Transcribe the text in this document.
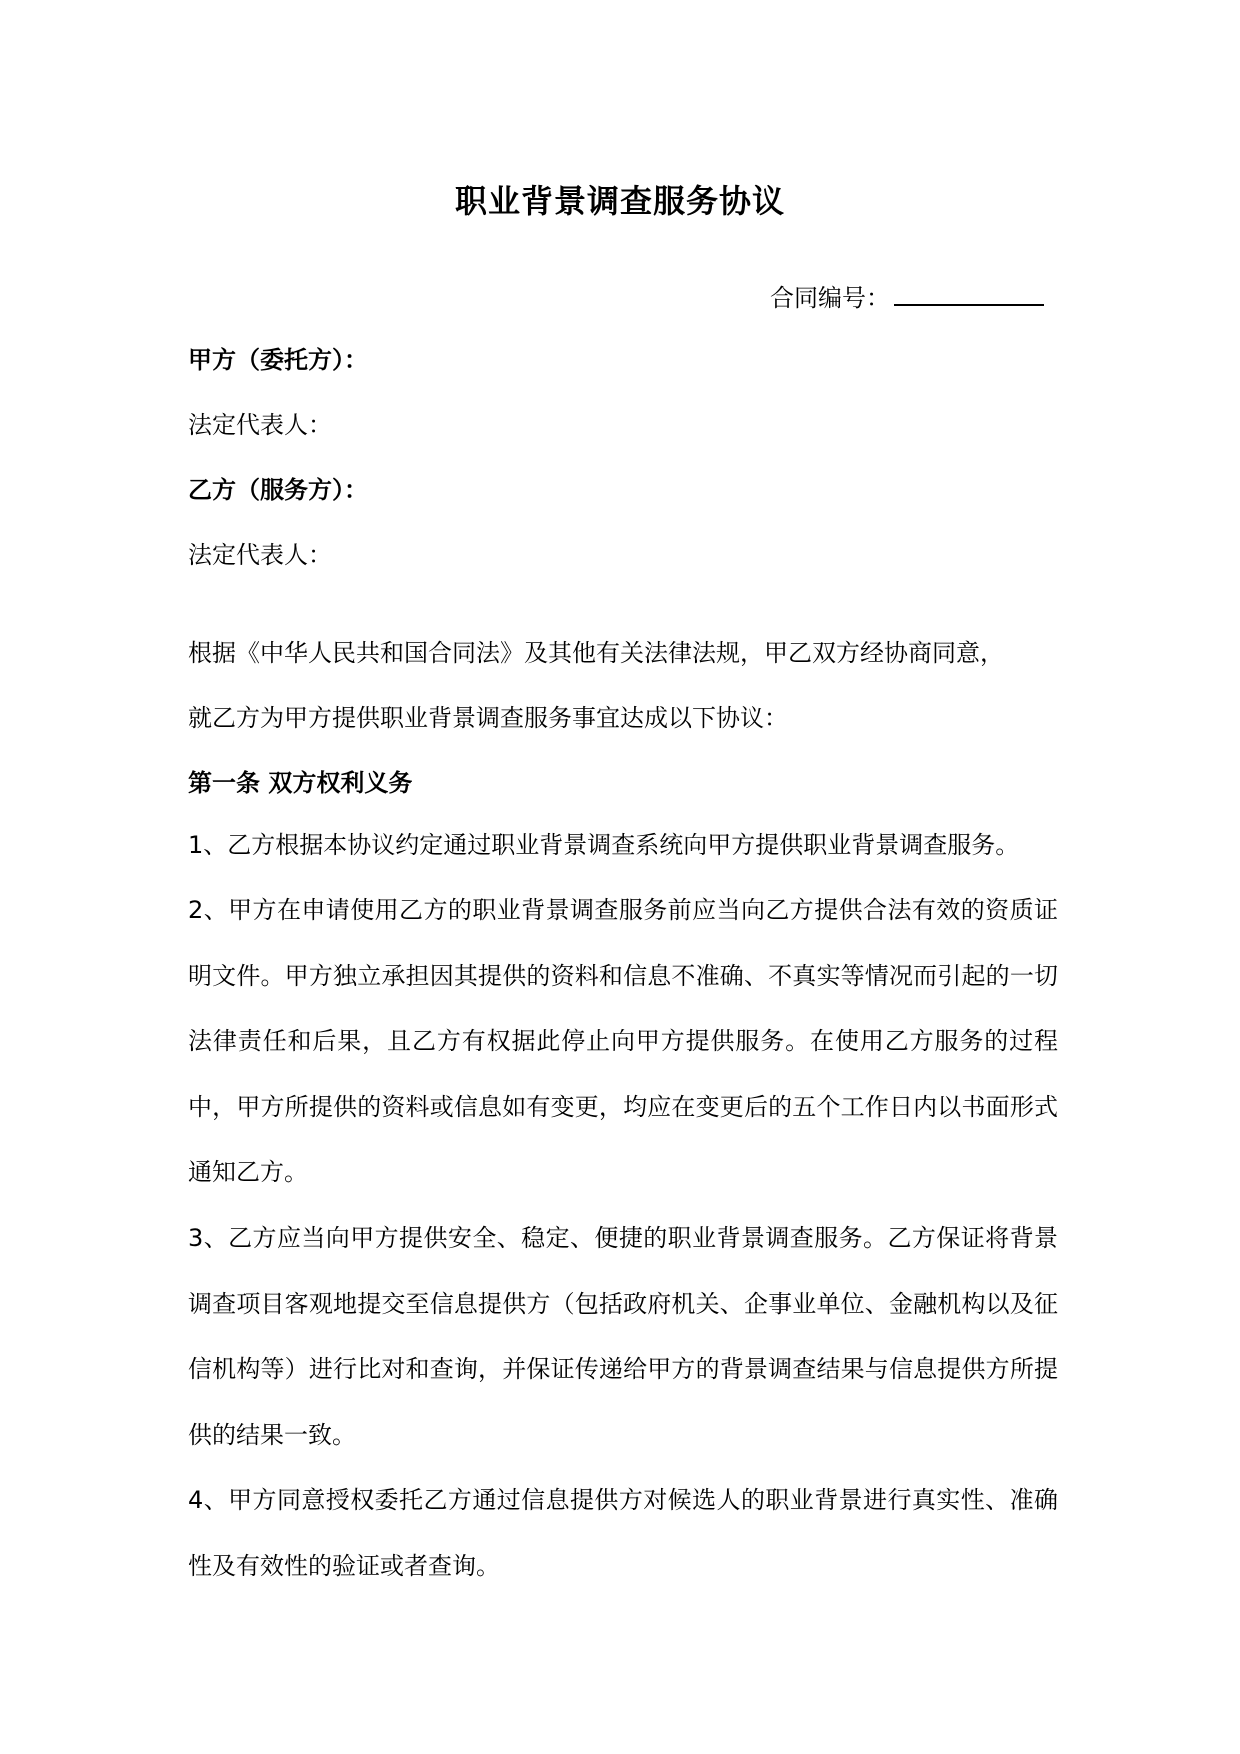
职业背景调查服务协议
合同编号：
甲方（委托方）：
法定代表人：
乙方（服务方）：
法定代表人：
根据《中华人民共和国合同法》及其他有关法律法规，甲乙双方经协商同意，
就乙方为甲方提供职业背景调查服务事宜达成以下协议：
第一条 双方权利义务

1、乙方根据本协议约定通过职业背景调查系统向甲方提供职业背景调查服务。

2、甲方在申请使用乙方的职业背景调查服务前应当向乙方提供合法有效的资质证明文件。甲方独立承担因其提供的资料和信息不准确、不真实等情况而引起的一切法律责任和后果，且乙方有权据此停止向甲方提供服务。在使用乙方服务的过程中，甲方所提供的资料或信息如有变更，均应在变更后的五个工作日内以书面形式通知乙方。

3、乙方应当向甲方提供安全、稳定、便捷的职业背景调查服务。乙方保证将背景调查项目客观地提交至信息提供方（包括政府机关、企事业单位、金融机构以及征信机构等）进行比对和查询，并保证传递给甲方的背景调查结果与信息提供方所提供的结果一致。

4、甲方同意授权委托乙方通过信息提供方对候选人的职业背景进行真实性、准确性及有效性的验证或者查询。
